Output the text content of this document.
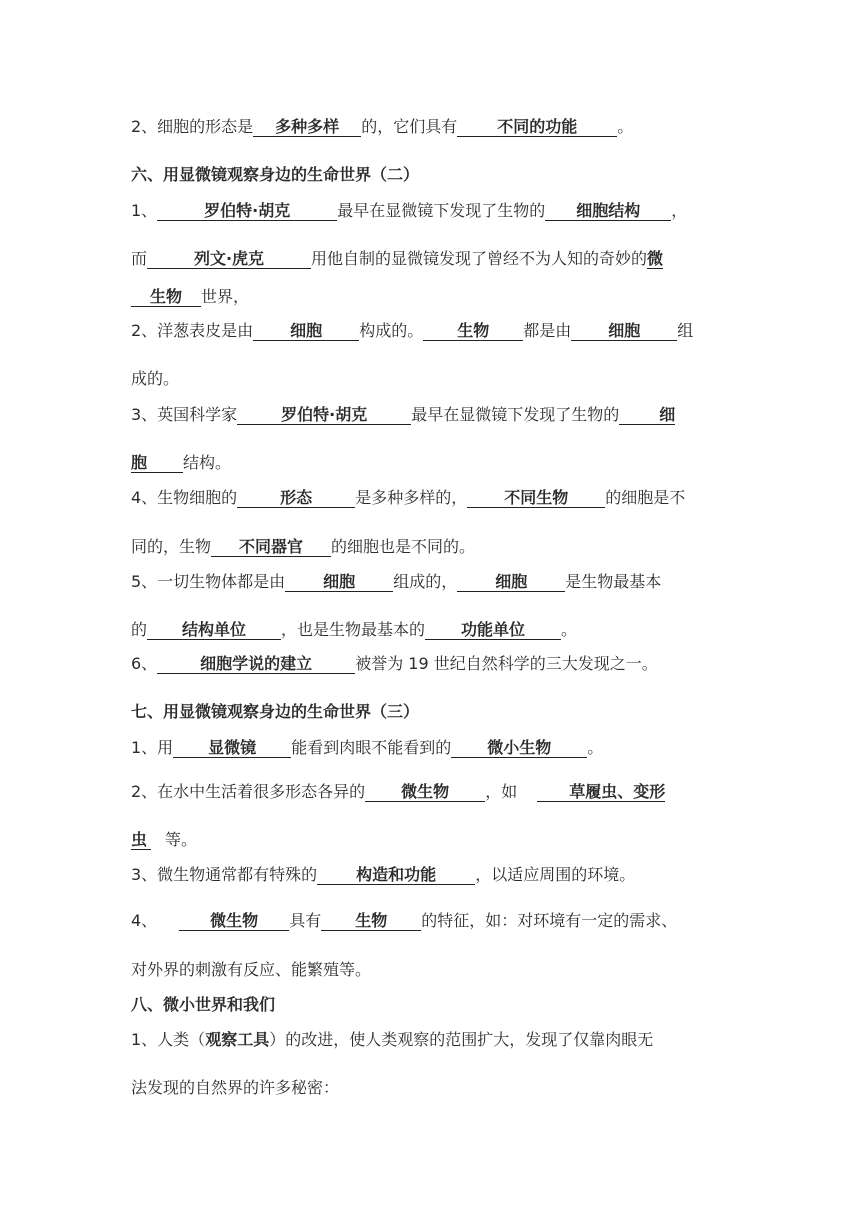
2、细胞的形态是 多种多样 的，它们具有 不同的功能	。
六、用显微镜观察身边的生命世界（二）
1、	罗伯特·胡克	最早在显微镜下发现了生物的 细胞结构 ，
而	列文·虎克	用他自制的显微镜发现了曾经不为人知的奇妙的微
生物 世界，
2、洋葱表皮是由 细胞 构成的。 生物 都是由 细胞 组
成的。
3、英国科学家	罗伯特·胡克	最早在显微镜下发现了生物的 细
胞 结构。
4、生物细胞的	形态	是多种多样的， 不同生物 的细胞是不
同的，生物 不同器官 的细胞也是不同的。
5、一切生物体都是由 细胞 组成的， 细胞 是生物最基本
的 结构单位 ，也是生物最基本的 功能单位 。
6、	细胞学说的建立	被誉为 19 世纪自然科学的三大发现之一。
七、用显微镜观察身边的生命世界（三）
1、用 显微镜 能看到肉眼不能看到的 微小生物 。
2、在水中生活着很多形态各异的 微生物 ，如	草履虫、变形
虫 等。
3、微生物通常都有特殊的 构造和功能 ，以适应周围的环境。
4、	微生物 具有 生物 的特征，如：对环境有一定的需求、
对外界的刺激有反应、能繁殖等。
八、微小世界和我们
1、人类（观察工具）的改进，使人类观察的范围扩大，发现了仅靠肉眼无
法发现的自然界的许多秘密：
